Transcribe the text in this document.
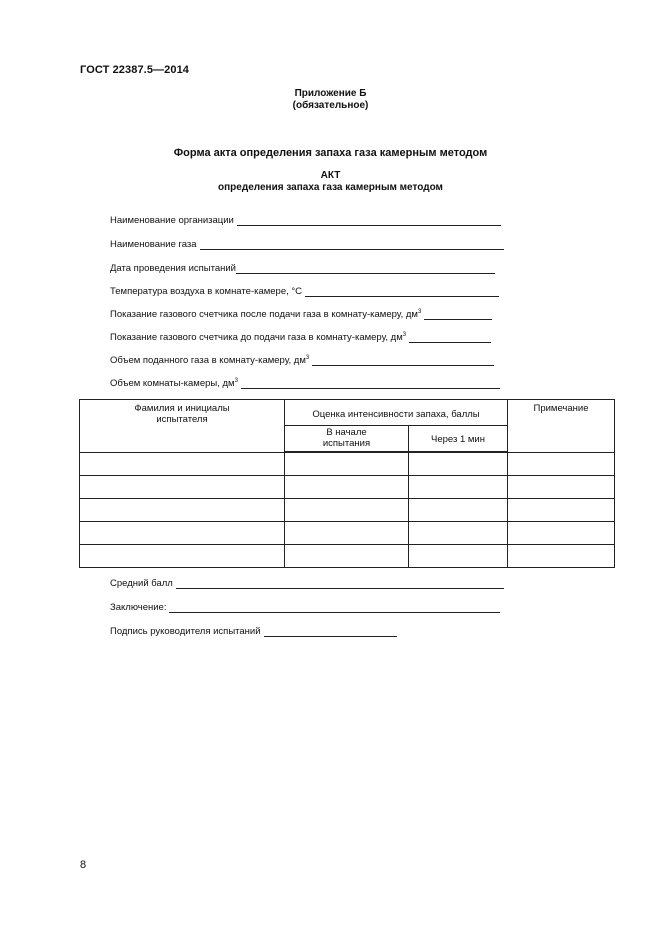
ГОСТ 22387.5—2014
Приложение Б
(обязательное)
Форма акта определения запаха газа камерным методом
АКТ
определения запаха газа камерным методом
Наименование организации
Наименование газа
Дата проведения испытаний
Температура воздуха в комнате-камере, °С
Показание газового счетчика после подачи газа в комнату-камеру, $дм^3$
Показание газового счетчика до подачи газа в комнату-камеру, $дм^3$
Объем поданного газа в комнату-камеру, $дм^3$
Объем комнаты-камеры, $дм^3$
Фамилия и инициалы испытателя	Оценка интенсивности запаха, баллы		Примечание
	В начале испытания	Через 1 мин	

Средний балл
Заключение:
Подпись руководителя испытаний
8
